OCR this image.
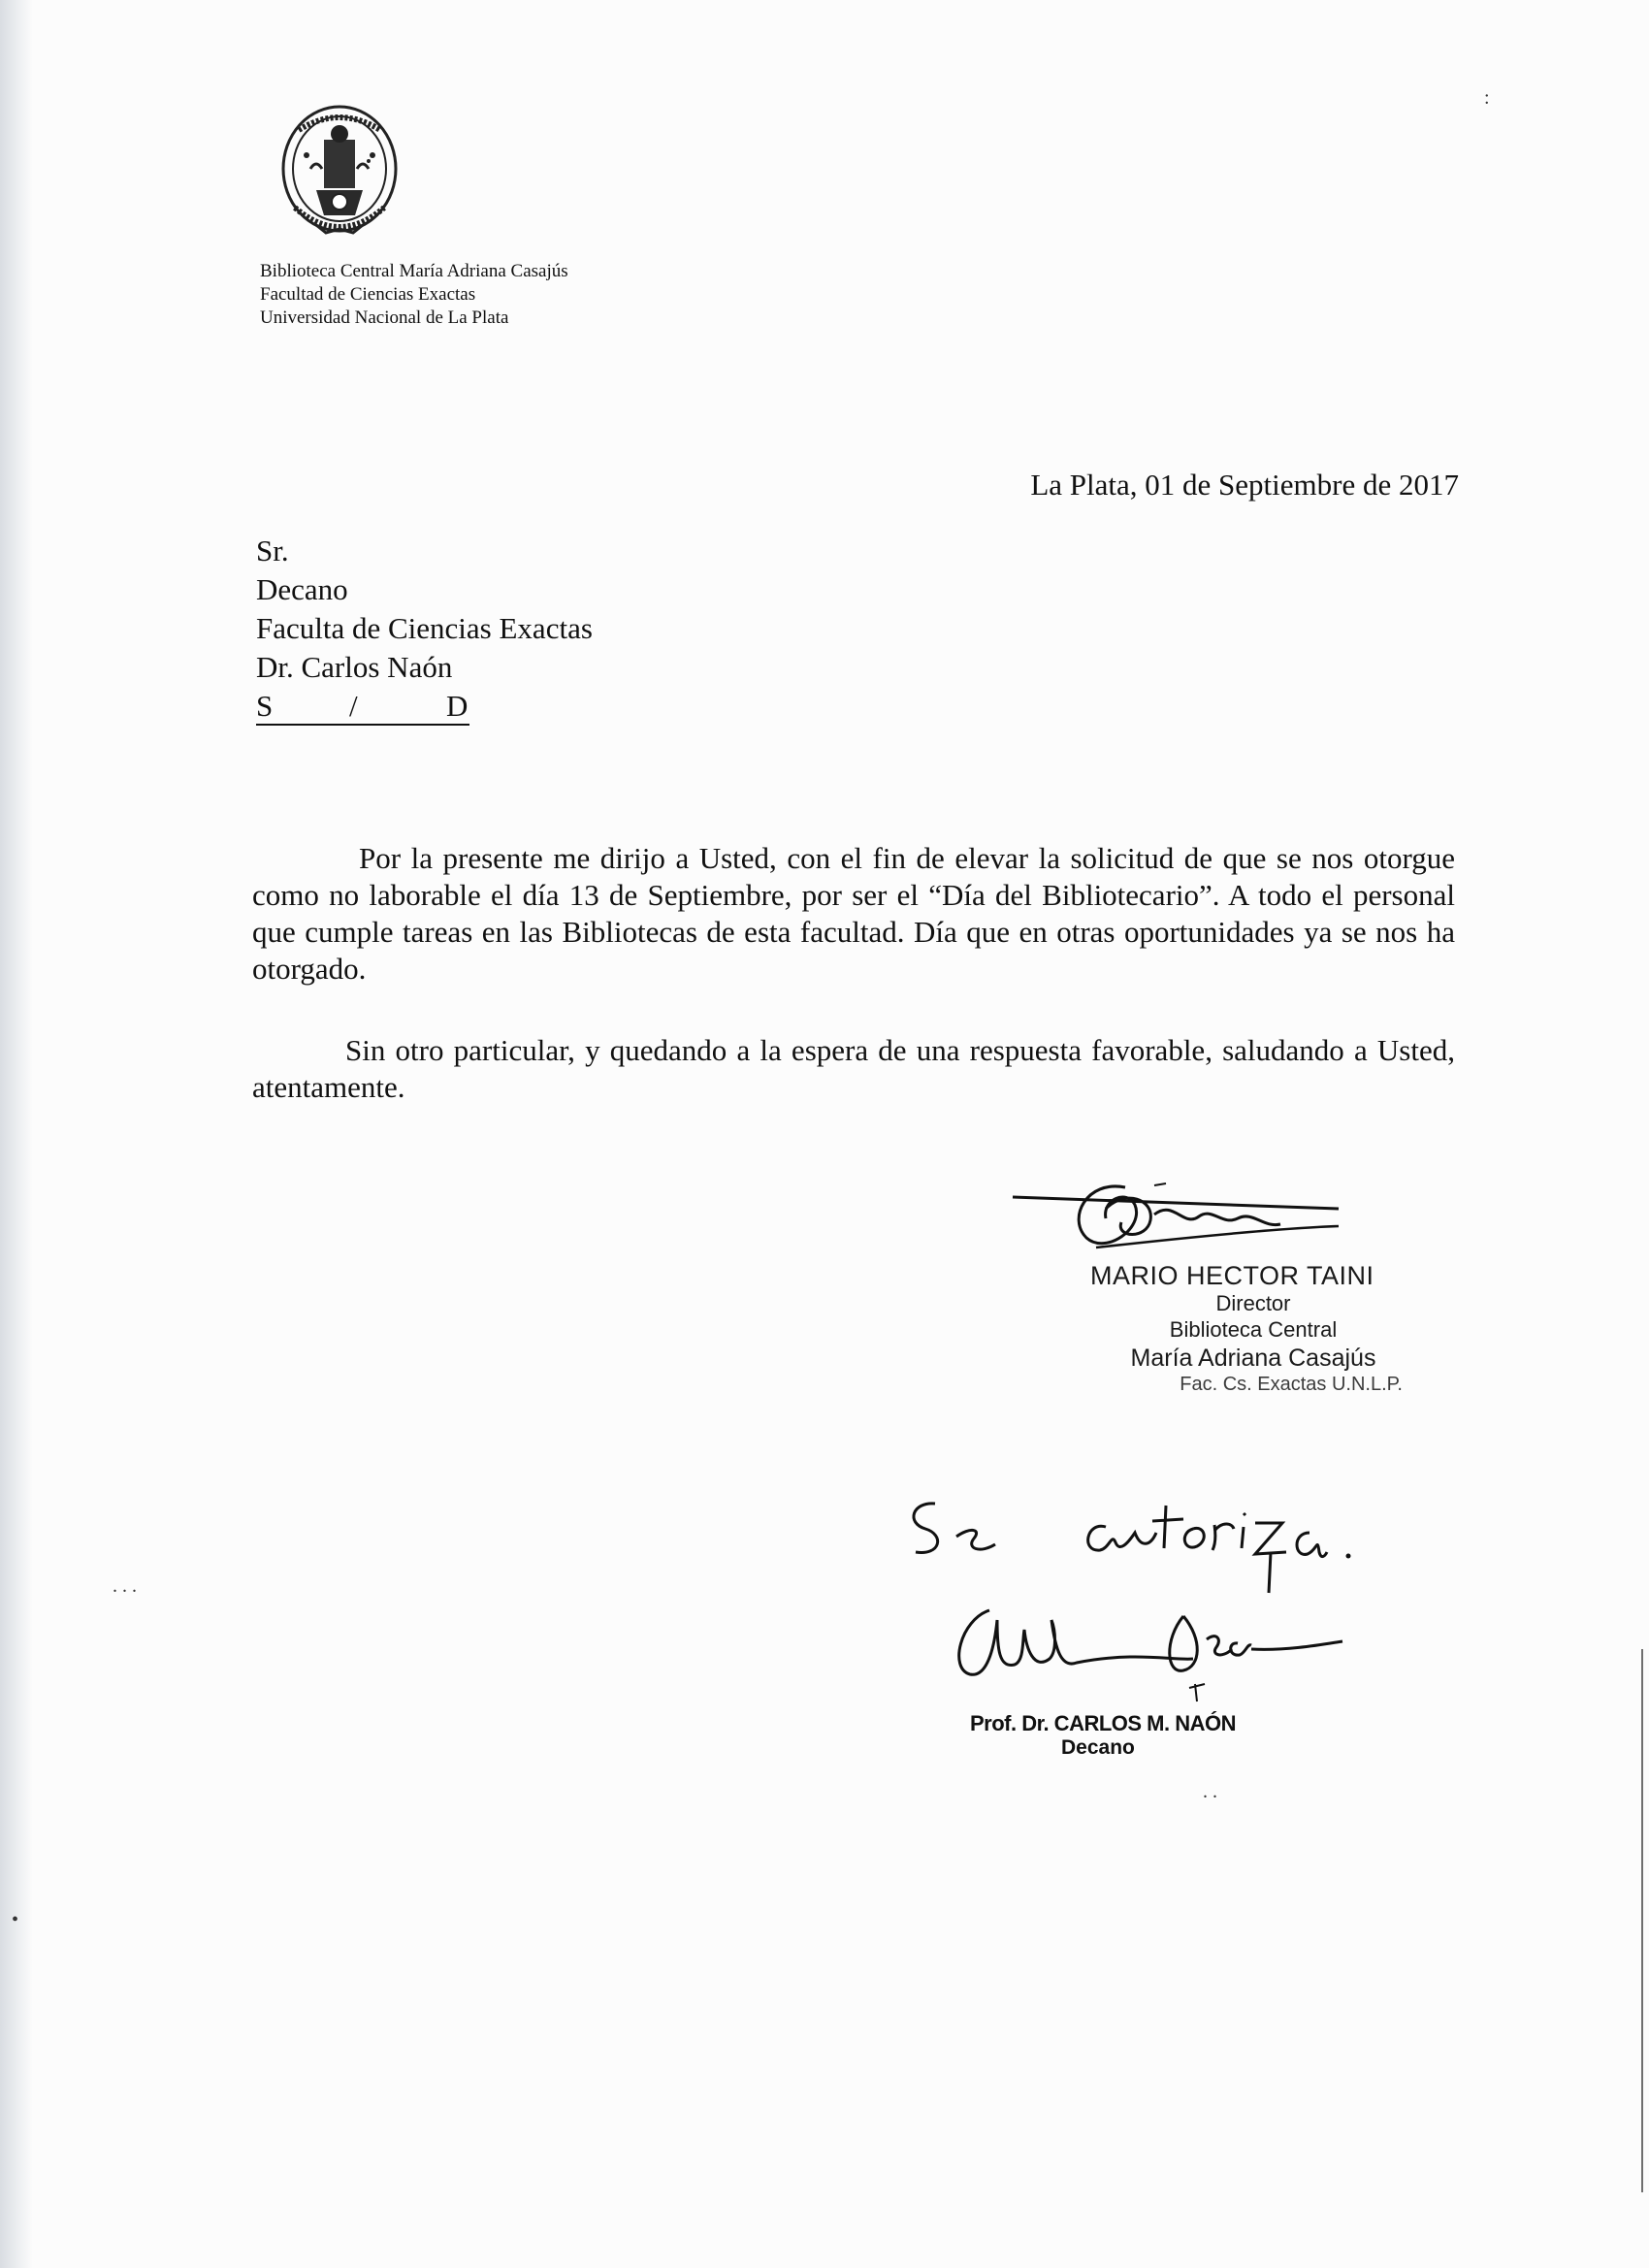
Biblioteca Central María Adriana Casajús
Facultad de Ciencias Exactas
Universidad Nacional de La Plata
La Plata, 01 de Septiembre de 2017
Sr.
Decano
Faculta de Ciencias Exactas
Dr. Carlos Naón
S	/	D
Por la presente me dirijo a Usted, con el fin de elevar la solicitud de que se nos otorgue como no laborable el día 13 de Septiembre, por ser el “Día del Bibliotecario”. A todo el personal que cumple tareas en las Bibliotecas de esta facultad. Día que en otras oportunidades ya se nos ha otorgado.
Sin otro particular, y quedando a la espera de una respuesta favorable, saludando a Usted, atentamente.
MARIO HECTOR TAINI
Director
Biblioteca Central
María Adriana Casajús
Fac. Cs. Exactas U.N.L.P.
Prof. Dr. CARLOS M. NAÓN
Decano
:
. . .
. .
•
